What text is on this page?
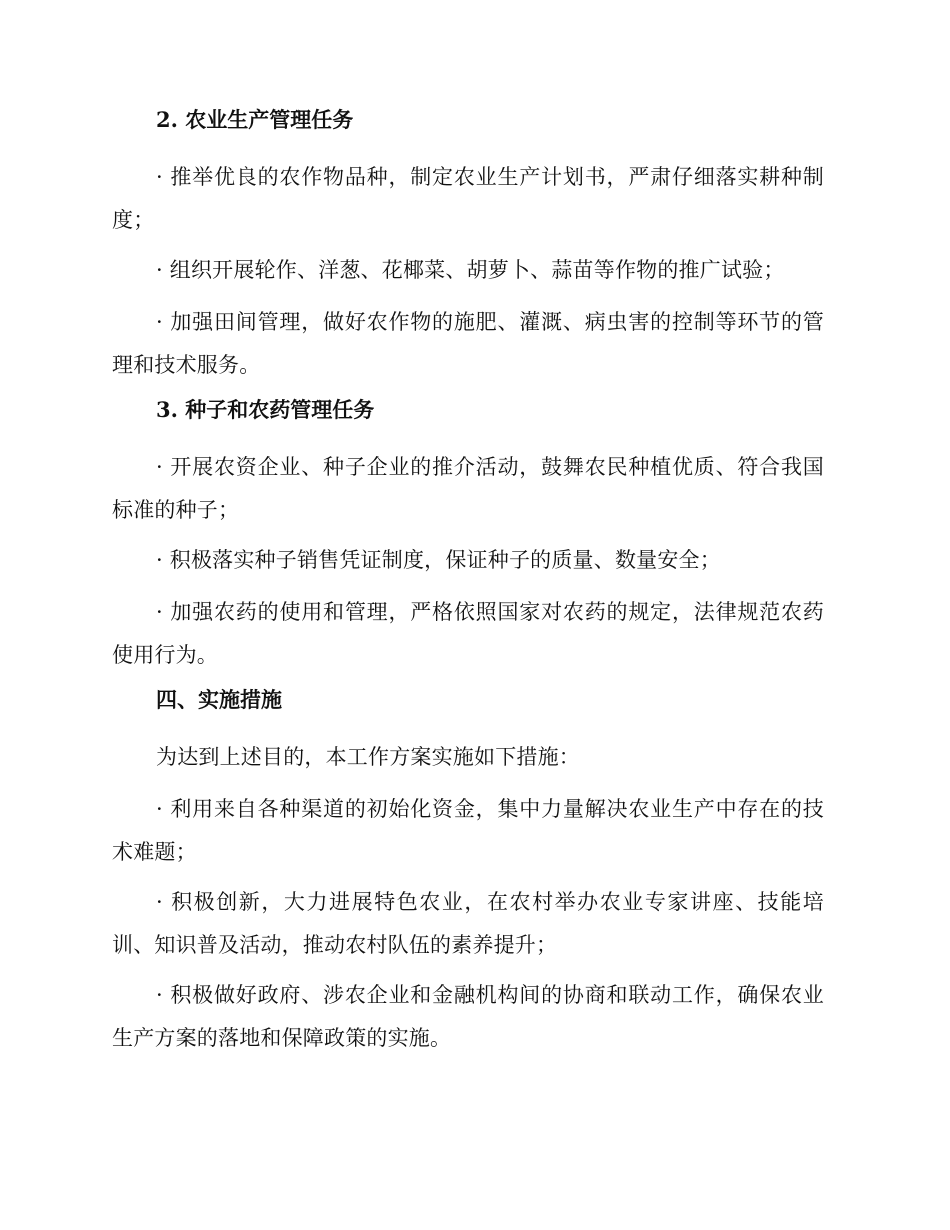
2. 农业生产管理任务

· 推举优良的农作物品种，制定农业生产计划书，严肃仔细落实耕种制度；

· 组织开展轮作、洋葱、花椰菜、胡萝卜、蒜苗等作物的推广试验；

· 加强田间管理，做好农作物的施肥、灌溉、病虫害的控制等环节的管理和技术服务。

3. 种子和农药管理任务

· 开展农资企业、种子企业的推介活动，鼓舞农民种植优质、符合我国标准的种子；

· 积极落实种子销售凭证制度，保证种子的质量、数量安全；

· 加强农药的使用和管理，严格依照国家对农药的规定，法律规范农药使用行为。

四、实施措施

为达到上述目的，本工作方案实施如下措施：

· 利用来自各种渠道的初始化资金，集中力量解决农业生产中存在的技术难题；

· 积极创新，大力进展特色农业，在农村举办农业专家讲座、技能培训、知识普及活动，推动农村队伍的素养提升；

· 积极做好政府、涉农企业和金融机构间的协商和联动工作，确保农业生产方案的落地和保障政策的实施。
